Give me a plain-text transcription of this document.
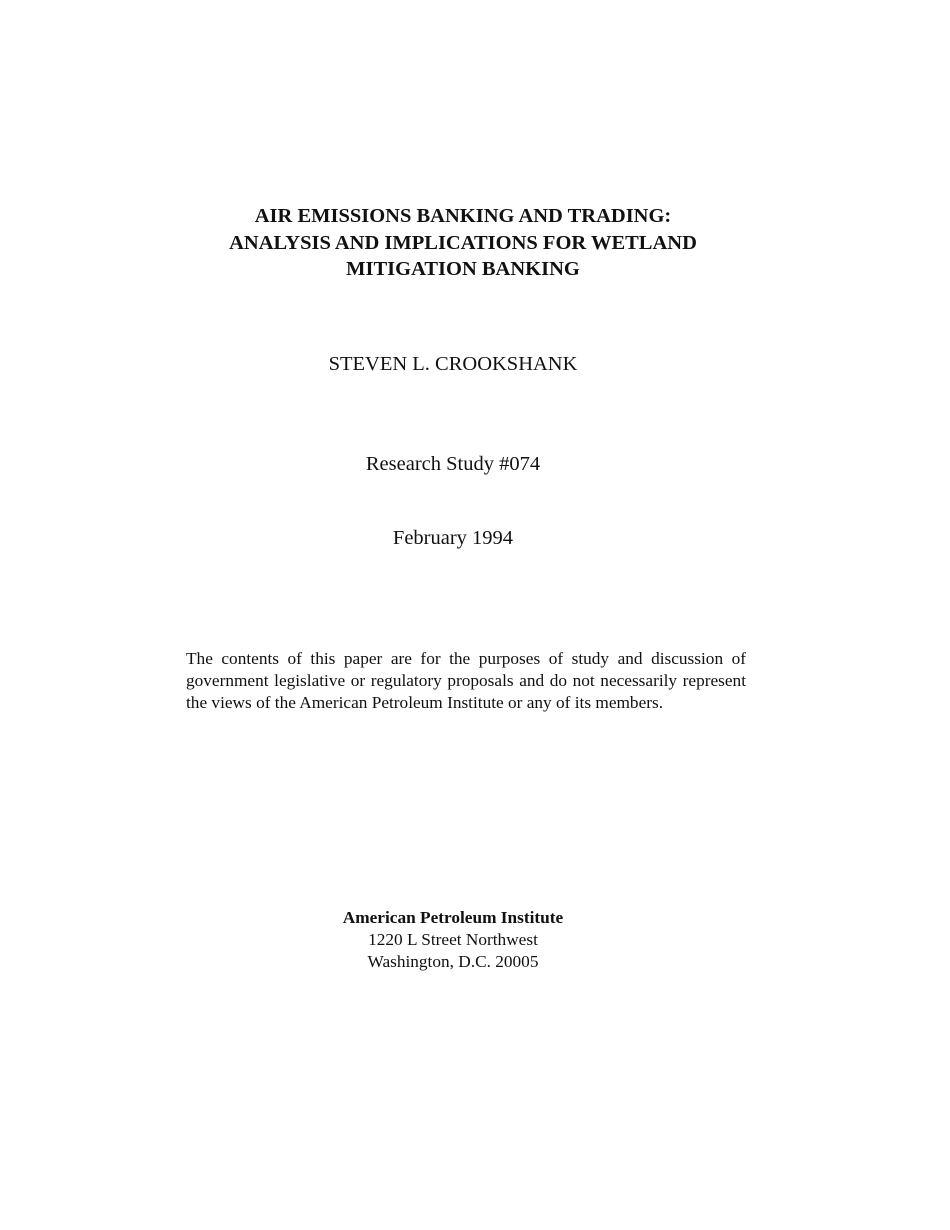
AIR EMISSIONS BANKING AND TRADING:
ANALYSIS AND IMPLICATIONS FOR WETLAND
MITIGATION BANKING
STEVEN L. CROOKSHANK
Research Study #074
February 1994
The contents of this paper are for the purposes of study and discussion of government legislative or regulatory proposals and do not necessarily represent the views of the American Petroleum Institute or any of its members.
American Petroleum Institute
1220 L Street Northwest
Washington, D.C. 20005
